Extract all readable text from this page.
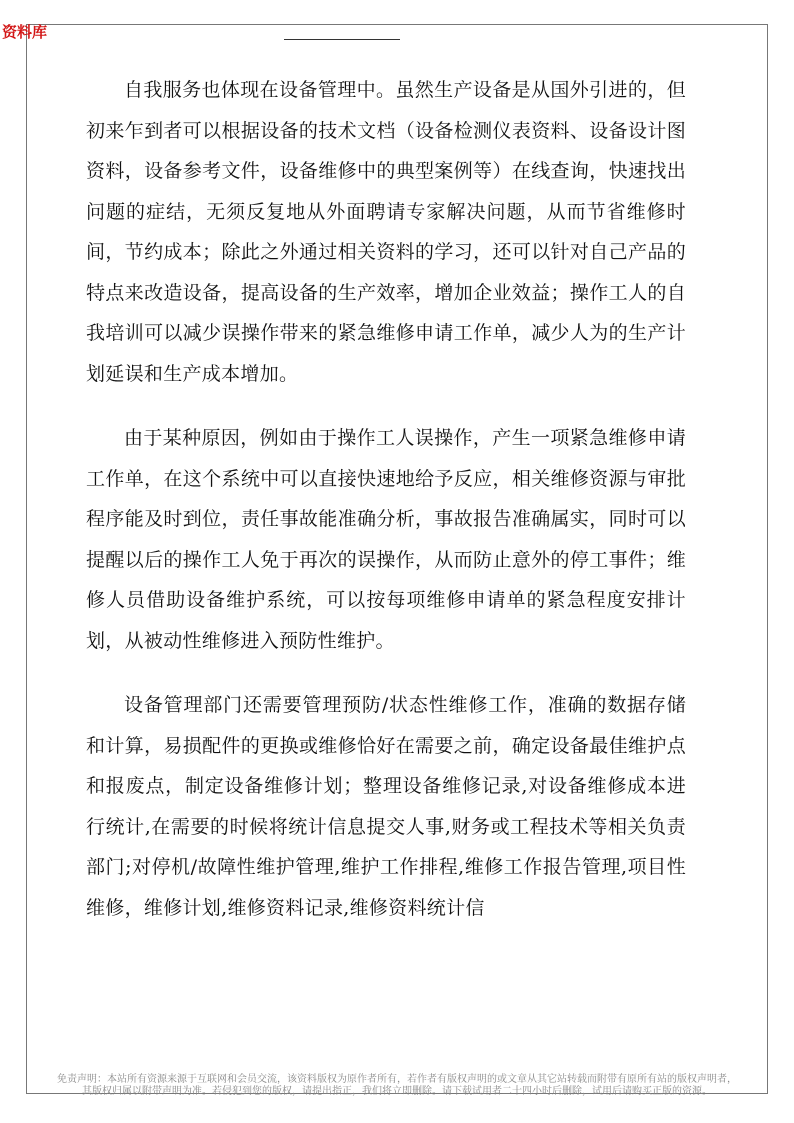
资料库

自我服务也体现在设备管理中。虽然生产设备是从国外引进的，但初来乍到者可以根据设备的技术文档（设备检测仪表资料、设备设计图资料，设备参考文件，设备维修中的典型案例等）在线查询，快速找出问题的症结，无须反复地从外面聘请专家解决问题，从而节省维修时间，节约成本；除此之外通过相关资料的学习，还可以针对自己产品的特点来改造设备，提高设备的生产效率，增加企业效益；操作工人的自我培训可以减少误操作带来的紧急维修申请工作单，减少人为的生产计划延误和生产成本增加。

由于某种原因，例如由于操作工人误操作，产生一项紧急维修申请工作单，在这个系统中可以直接快速地给予反应，相关维修资源与审批程序能及时到位，责任事故能准确分析，事故报告准确属实，同时可以提醒以后的操作工人免于再次的误操作，从而防止意外的停工事件；维修人员借助设备维护系统，可以按每项维修申请单的紧急程度安排计划，从被动性维修进入预防性维护。

设备管理部门还需要管理预防/状态性维修工作，准确的数据存储和计算，易损配件的更换或维修恰好在需要之前，确定设备最佳维护点和报废点，制定设备维修计划；整理设备维修记录,对设备维修成本进行统计,在需要的时候将统计信息提交人事,财务或工程技术等相关负责部门;对停机/故障性维护管理,维护工作排程,维修工作报告管理,项目性维修，维修计划,维修资料记录,维修资料统计信

免责声明：本站所有资源来源于互联网和会员交流，该资料版权为原作者所有，若作者有版权声明的或文章从其它站转载而附带有原所有站的版权声明者，
其版权归属以附带声明为准。若侵犯到您的版权，请提出指正，我们将立即删除。请下载试用者二十四小时后删除，试用后请购买正版的资源。
